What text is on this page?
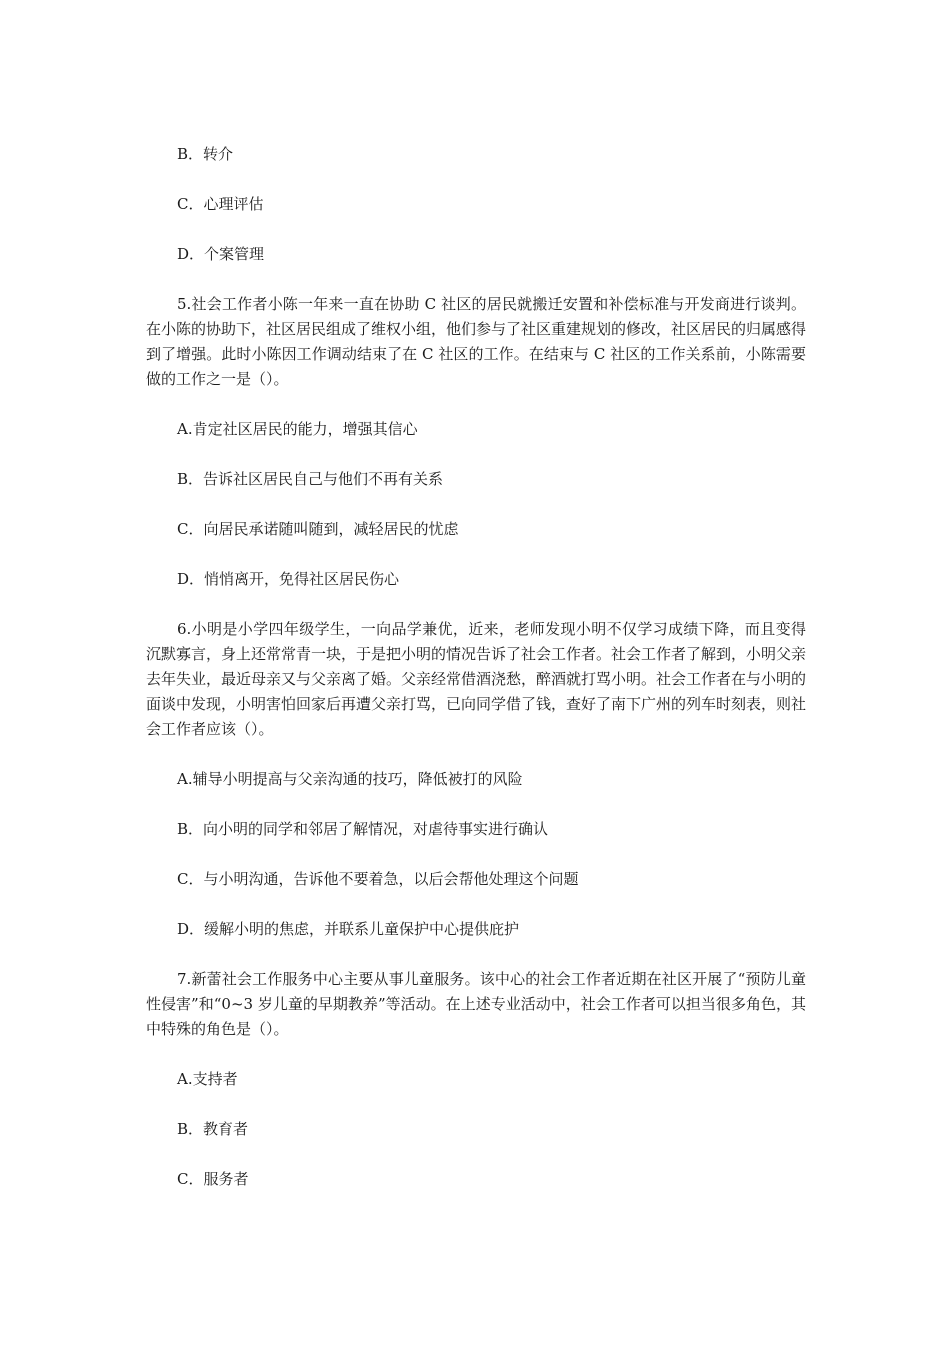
B．转介
C．心理评估
D．个案管理
5.社会工作者小陈一年来一直在协助 C 社区的居民就搬迁安置和补偿标准与开发商进行谈判。在小陈的协助下，社区居民组成了维权小组，他们参与了社区重建规划的修改，社区居民的归属感得到了增强。此时小陈因工作调动结束了在 C 社区的工作。在结束与 C 社区的工作关系前，小陈需要做的工作之一是（）。
A.肯定社区居民的能力，增强其信心
B．告诉社区居民自己与他们不再有关系
C．向居民承诺随叫随到，减轻居民的忧虑
D．悄悄离开，免得社区居民伤心
6.小明是小学四年级学生，一向品学兼优，近来，老师发现小明不仅学习成绩下降，而且变得沉默寡言，身上还常常青一块，于是把小明的情况告诉了社会工作者。社会工作者了解到，小明父亲去年失业，最近母亲又与父亲离了婚。父亲经常借酒浇愁，醉酒就打骂小明。社会工作者在与小明的面谈中发现，小明害怕回家后再遭父亲打骂，已向同学借了钱，查好了南下广州的列车时刻表，则社会工作者应该（）。
A.辅导小明提高与父亲沟通的技巧，降低被打的风险
B．向小明的同学和邻居了解情况，对虐待事实进行确认
C．与小明沟通，告诉他不要着急，以后会帮他处理这个问题
D．缓解小明的焦虑，并联系儿童保护中心提供庇护
7.新蕾社会工作服务中心主要从事儿童服务。该中心的社会工作者近期在社区开展了“预防儿童性侵害”和“0~3 岁儿童的早期教养”等活动。在上述专业活动中，社会工作者可以担当很多角色，其中特殊的角色是（）。
A.支持者
B．教育者
C．服务者
